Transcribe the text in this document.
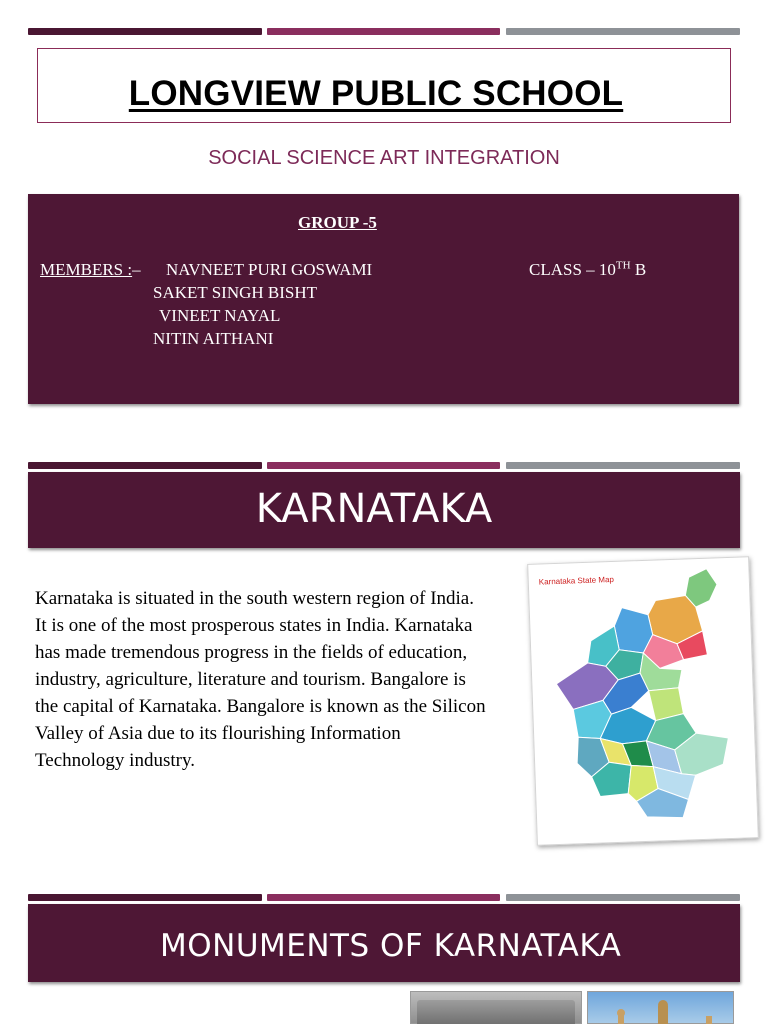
LONGVIEW PUBLIC SCHOOL
SOCIAL SCIENCE ART INTEGRATION
GROUP -5
MEMBERS :– NAVNEET PURI GOSWAMI
SAKET SINGH BISHT
VINEET NAYAL
NITIN AITHANI
CLASS – 10TH B
KARNATAKA

Karnataka is situated in the south western region of India. It is one of the most prosperous states in India. Karnataka has made tremendous progress in the fields of education, industry, agriculture, literature and tourism. Bangalore is the capital of Karnataka. Bangalore is known as the Silicon Valley of Asia due to its flourishing Information Technology industry.

Karnataka State Map
MONUMENTS OF KARNATAKA
